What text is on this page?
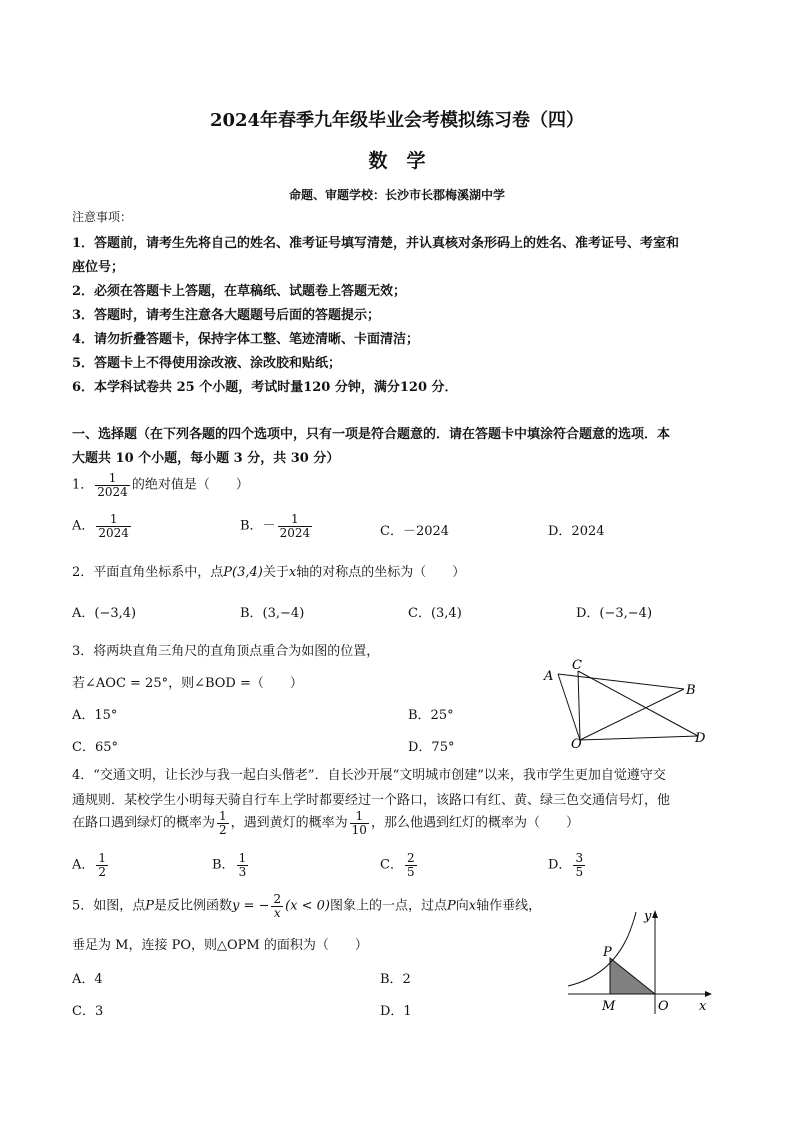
2024年春季九年级毕业会考模拟练习卷（四）
数　学
命题、审题学校：长沙市长郡梅溪湖中学
注意事项：
1．答题前，请考生先将自己的姓名、准考证号填写清楚，并认真核对条形码上的姓名、准考证号、考室和
座位号；
2．必须在答题卡上答题，在草稿纸、试题卷上答题无效；
3．答题时，请考生注意各大题题号后面的答题提示；
4．请勿折叠答题卡，保持字体工整、笔迹清晰、卡面清洁；
5．答题卡上不得使用涂改液、涂改胶和贴纸；
6．本学科试卷共 25 个小题，考试时量120 分钟，满分120 分．
一、选择题（在下列各题的四个选项中，只有一项是符合题意的．请在答题卡中填涂符合题意的选项．本
大题共 10 个小题，每小题 3 分，共 30 分）
1． $\frac{1}{2024}$ 的绝对值是（　　）
A． $\frac{1}{2024}$	B．－ $\frac{1}{2024}$	C．－2024	D．2024
2．平面直角坐标系中，点P(3,4)关于x轴的对称点的坐标为（　　）
A．(−3,4)	B．(3,−4)	C．(3,4)	D．(−3,−4)
3．将两块直角三角尺的直角顶点重合为如图的位置，
若∠AOC = 25°，则∠BOD =（　　）
A．15°	B．25°
C．65°	D．75°
A
C
B
D
O
4．“交通文明，让长沙与我一起白头偕老”．自长沙开展“文明城市创建”以来，我市学生更加自觉遵守交
通规则．某校学生小明每天骑自行车上学时都要经过一个路口，该路口有红、黄、绿三色交通信号灯，他
在路口遇到绿灯的概率为 $\frac{1}{2}$ ，遇到黄灯的概率为 $\frac{1}{10}$ ，那么他遇到红灯的概率为（　　）
A． $\frac{1}{2}$	B． $\frac{1}{3}$	C． $\frac{2}{5}$	D． $\frac{3}{5}$
5．如图，点P是反比例函数y = − $\frac{2}{x} (x < 0)$图象上的一点，过点P向x轴作垂线，
垂足为 M，连接 PO，则△OPM 的面积为（　　）
A．4	B．2
C．3	D．1
P
M	O x
y
